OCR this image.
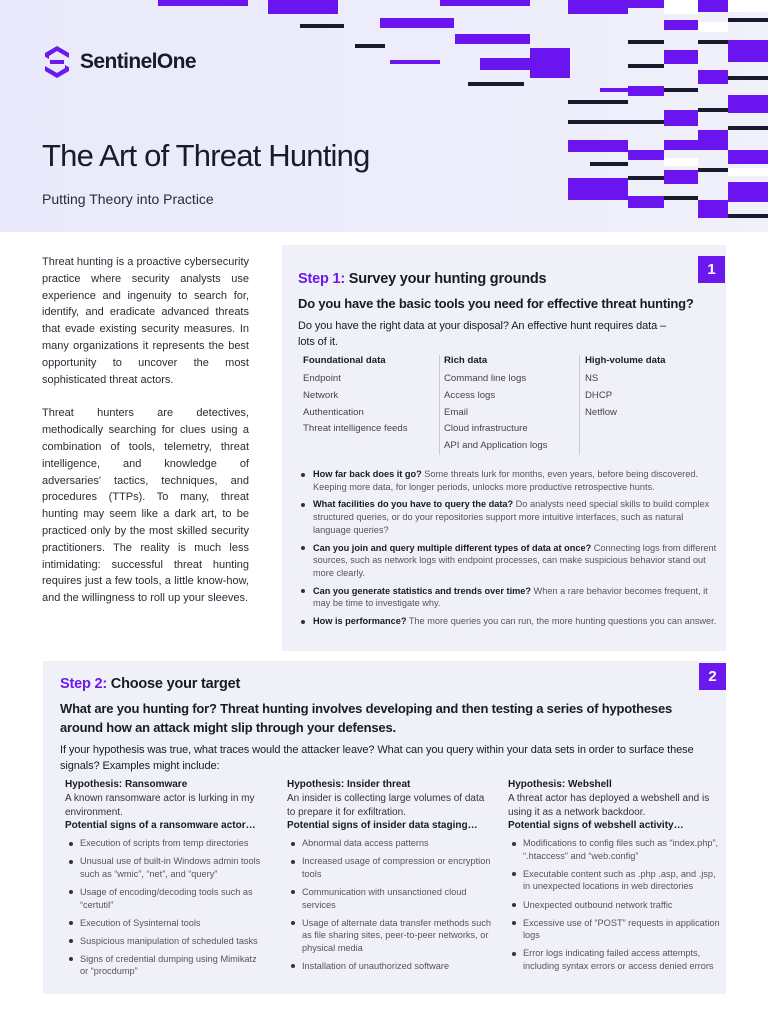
SentinelOne
The Art of Threat Hunting
Putting Theory into Practice

Threat hunting is a proactive cybersecurity practice where security analysts use experience and ingenuity to search for, identify, and eradicate advanced threats that evade existing security measures. In many organizations it represents the best opportunity to uncover the most sophisticated threat actors.

Threat hunters are detectives, methodically searching for clues using a combination of tools, telemetry, threat intelligence, and knowledge of adversaries' tactics, techniques, and procedures (TTPs). To many, threat hunting may seem like a dark art, to be practiced only by the most skilled security practitioners. The reality is much less intimidating: successful threat hunting requires just a few tools, a little know-how, and the willingness to roll up your sleeves.

1
Step 1: Survey your hunting grounds
Do you have the basic tools you need for effective threat hunting?
Do you have the right data at your disposal? An effective hunt requires data – lots of it.
Foundational data
Endpoint
Network
Authentication
Threat intelligence feeds
Rich data
Command line logs
Access logs
Email
Cloud infrastructure
API and Application logs
High-volume data
NS
DHCP
Netflow
How far back does it go? Some threats lurk for months, even years, before being discovered. Keeping more data, for longer periods, unlocks more productive retrospective hunts.
What facilities do you have to query the data? Do analysts need special skills to build complex structured queries, or do your repositories support more intuitive interfaces, such as natural language queries?
Can you join and query multiple different types of data at once? Connecting logs from different sources, such as network logs with endpoint processes, can make suspicious behavior stand out more clearly.
Can you generate statistics and trends over time? When a rare behavior becomes frequent, it may be time to investigate why.
How is performance? The more queries you can run, the more hunting questions you can answer.
2
Step 2: Choose your target
What are you hunting for? Threat hunting involves developing and then testing a series of hypotheses around how an attack might slip through your defenses.
If your hypothesis was true, what traces would the attacker leave? What can you query within your data sets in order to surface these signals? Examples might include:
Hypothesis: Ransomware
A known ransomware actor is lurking in my environment.
Potential signs of a ransomware actor…
Execution of scripts from temp directories
Unusual use of built-in Windows admin tools such as “wmic”, “net”, and “query”
Usage of encoding/decoding tools such as “certutil”
Execution of Sysinternal tools
Suspicious manipulation of scheduled tasks
Signs of credential dumping using Mimikatz or “procdump”
Hypothesis: Insider threat
An insider is collecting large volumes of data to prepare it for exfiltration.
Potential signs of insider data staging…
Abnormal data access patterns
Increased usage of compression or encryption tools
Communication with unsanctioned cloud services
Usage of alternate data transfer methods such as file sharing sites, peer-to-peer networks, or physical media
Installation of unauthorized software
Hypothesis: Webshell
A threat actor has deployed a webshell and is using it as a network backdoor.
Potential signs of webshell activity…
Modifications to config files such as “index.php”, “.htaccess” and “web.config”
Executable content such as .php .asp, and .jsp, in unexpected locations in web directories
Unexpected outbound network traffic
Excessive use of “POST” requests in application logs
Error logs indicating failed access attempts, including syntax errors or access denied errors
